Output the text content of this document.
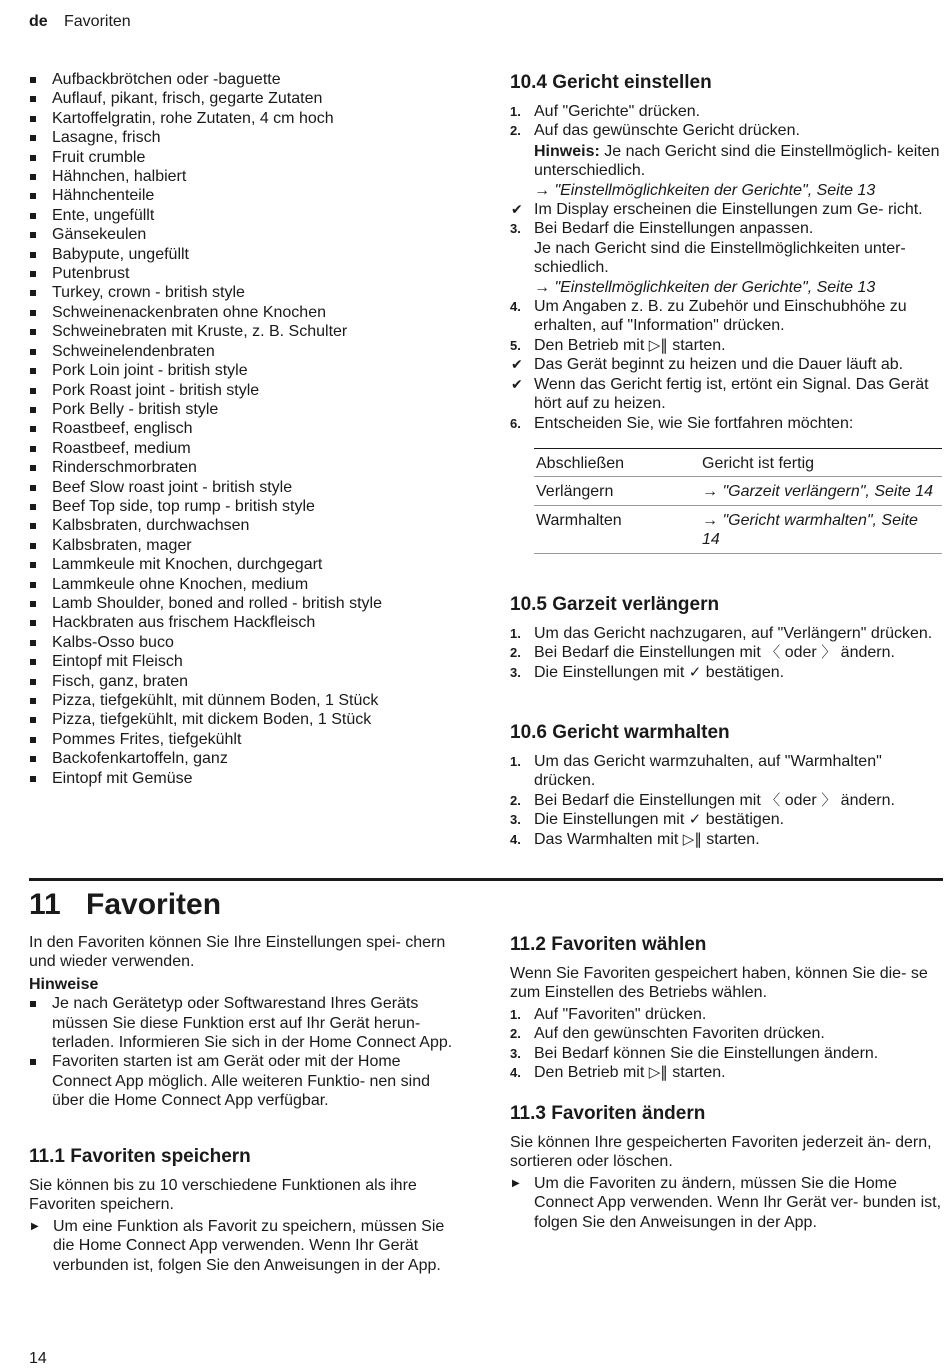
de Favoriten
Aufbackbrötchen oder -baguette
Auflauf, pikant, frisch, gegarte Zutaten
Kartoffelgratin, rohe Zutaten, 4 cm hoch
Lasagne, frisch
Fruit crumble
Hähnchen, halbiert
Hähnchenteile
Ente, ungefüllt
Gänsekeulen
Babypute, ungefüllt
Putenbrust
Turkey, crown - british style
Schweinenackenbraten ohne Knochen
Schweinebraten mit Kruste, z. B. Schulter
Schweinelendenbraten
Pork Loin joint - british style
Pork Roast joint - british style
Pork Belly - british style
Roastbeef, englisch
Roastbeef, medium
Rinderschmorbraten
Beef Slow roast joint - british style
Beef Top side, top rump - british style
Kalbsbraten, durchwachsen
Kalbsbraten, mager
Lammkeule mit Knochen, durchgegart
Lammkeule ohne Knochen, medium
Lamb Shoulder, boned and rolled - british style
Hackbraten aus frischem Hackfleisch
Kalbs-Osso buco
Eintopf mit Fleisch
Fisch, ganz, braten
Pizza, tiefgekühlt, mit dünnem Boden, 1 Stück
Pizza, tiefgekühlt, mit dickem Boden, 1 Stück
Pommes Frites, tiefgekühlt
Backofenkartoffeln, ganz
Eintopf mit Gemüse
10.4 Gericht einstellen
1. Auf "Gerichte" drücken.
2. Auf das gewünschte Gericht drücken.
Hinweis: Je nach Gericht sind die Einstellmöglich- keiten unterschiedlich.
→ "Einstellmöglichkeiten der Gerichte", Seite 13
✔ Im Display erscheinen die Einstellungen zum Ge- richt.
3. Bei Bedarf die Einstellungen anpassen.
Je nach Gericht sind die Einstellmöglichkeiten unter- schiedlich.
→ "Einstellmöglichkeiten der Gerichte", Seite 13
4. Um Angaben z. B. zu Zubehör und Einschubhöhe zu erhalten, auf "Information" drücken.
5. Den Betrieb mit ▷‖ starten.
✔ Das Gerät beginnt zu heizen und die Dauer läuft ab.
✔ Wenn das Gericht fertig ist, ertönt ein Signal. Das Gerät hört auf zu heizen.
6. Entscheiden Sie, wie Sie fortfahren möchten:
Abschließen	Gericht ist fertig
Verlängern	→ "Garzeit verlängern", Seite 14
Warmhalten	→ "Gericht warmhalten", Seite 14
10.5 Garzeit verlängern
1. Um das Gericht nachzugaren, auf "Verlängern" drücken.
2. Bei Bedarf die Einstellungen mit 〈 oder 〉 ändern.
3. Die Einstellungen mit ✓ bestätigen.
10.6 Gericht warmhalten
1. Um das Gericht warmzuhalten, auf "Warmhalten" drücken.
2. Bei Bedarf die Einstellungen mit 〈 oder 〉 ändern.
3. Die Einstellungen mit ✓ bestätigen.
4. Das Warmhalten mit ▷‖ starten.
11 Favoriten
In den Favoriten können Sie Ihre Einstellungen spei- chern und wieder verwenden.
Hinweise
Je nach Gerätetyp oder Softwarestand Ihres Geräts müssen Sie diese Funktion erst auf Ihr Gerät herun- terladen. Informieren Sie sich in der Home Connect App.
Favoriten starten ist am Gerät oder mit der Home Connect App möglich. Alle weiteren Funktio- nen sind über die Home Connect App verfügbar.
11.1 Favoriten speichern
Sie können bis zu 10 verschiedene Funktionen als ihre Favoriten speichern.
▶ Um eine Funktion als Favorit zu speichern, müssen Sie die Home Connect App verwenden. Wenn Ihr Gerät verbunden ist, folgen Sie den Anweisungen in der App.
11.2 Favoriten wählen
Wenn Sie Favoriten gespeichert haben, können Sie die- se zum Einstellen des Betriebs wählen.
1. Auf "Favoriten" drücken.
2. Auf den gewünschten Favoriten drücken.
3. Bei Bedarf können Sie die Einstellungen ändern.
4. Den Betrieb mit ▷‖ starten.
11.3 Favoriten ändern
Sie können Ihre gespeicherten Favoriten jederzeit än- dern, sortieren oder löschen.
▶ Um die Favoriten zu ändern, müssen Sie die Home Connect App verwenden. Wenn Ihr Gerät ver- bunden ist, folgen Sie den Anweisungen in der App.
14
